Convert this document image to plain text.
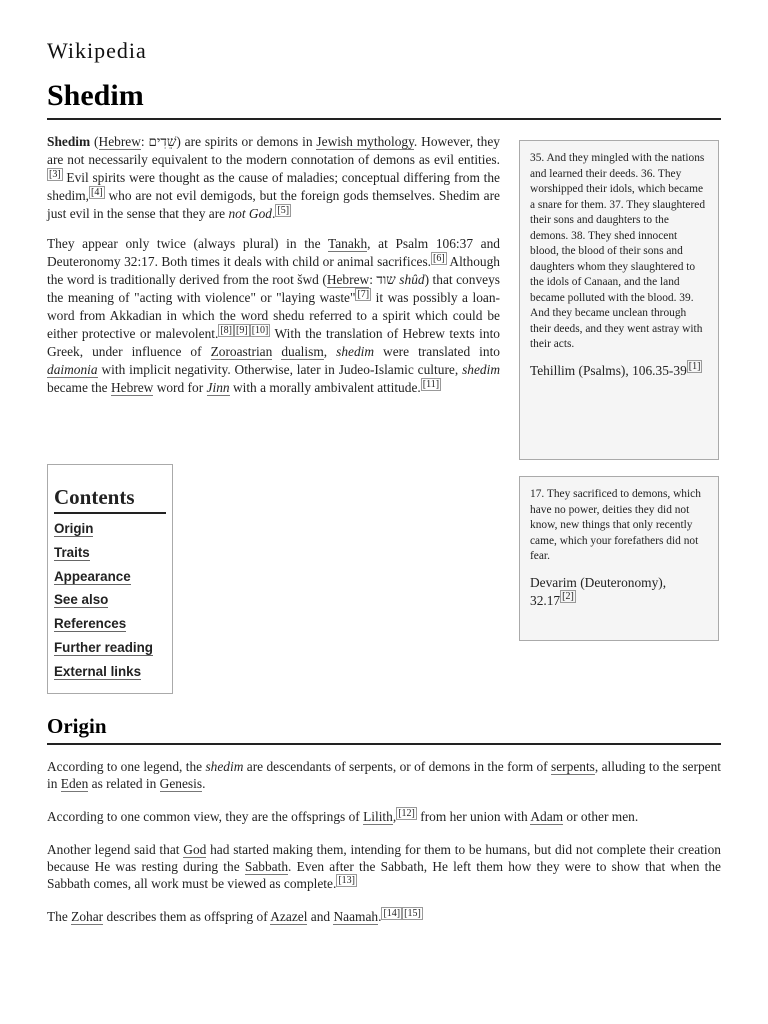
Wikipedia
Shedim

Shedim (Hebrew: שֵׁדִים) are spirits or demons in Jewish mythology. However, they are not necessarily equivalent to the modern connotation of demons as evil entities.[3] Evil spirits were thought as the cause of maladies; conceptual differing from the shedim, [4] who are not evil demigods, but the foreign gods themselves. Shedim are just evil in the sense that they are not God. [5]

They appear only twice (always plural) in the Tanakh, at Psalm 106:37 and Deuteronomy 32:17. Both times it deals with child or animal sacrifices. [6] Although the word is traditionally derived from the root šwd (Hebrew: שוד shûd) that conveys the meaning of "acting with violence" or "laying waste" [7] it was possibly a loan-word from Akkadian in which the word shedu referred to a spirit which could be either protective or malevolent. [8] [9] [10] With the translation of Hebrew texts into Greek, under influence of Zoroastrian dualism, shedim were translated into daimonia with implicit negativity. Otherwise, later in Judeo-Islamic culture, shedim became the Hebrew word for Jinn with a morally ambivalent attitude. [11]

Contents
Origin
Traits
Appearance
See also
References
Further reading
External links

35. And they mingled with the nations and learned their deeds. 36. They worshipped their idols, which became a snare for them. 37. They slaughtered their sons and daughters to the demons. 38. They shed innocent blood, the blood of their sons and daughters whom they slaughtered to the idols of Canaan, and the land became polluted with the blood. 39. And they became unclean through their deeds, and they went astray with their acts.

Tehillim (Psalms), 106.35-39 [1]

17. They sacrificed to demons, which have no power, deities they did not know, new things that only recently came, which your forefathers did not fear.

Devarim (Deuteronomy), 32.17 [2]

Origin

According to one legend, the shedim are descendants of serpents, or of demons in the form of serpents, alluding to the serpent in Eden as related in Genesis.

According to one common view, they are the offsprings of Lilith, [12] from her union with Adam or other men.

Another legend said that God had started making them, intending for them to be humans, but did not complete their creation because He was resting during the Sabbath. Even after the Sabbath, He left them how they were to show that when the Sabbath comes, all work must be viewed as complete. [13]

The Zohar describes them as offspring of Azazel and Naamah. [14] [15]
